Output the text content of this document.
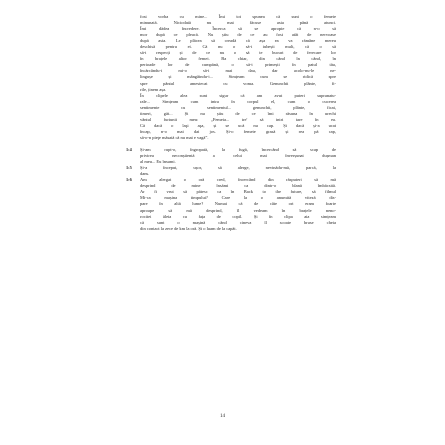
fost vorba cu mine... Îmi tot spunea că sunt o femeie
minunată. Niciodată nu mai făcuse asta până atunci.
Îmi dădea încredere. Încerca să se apropie că n-o să
mor după ce pleacă. Nu știu de ce au fost atât de nervoase
după asta. Le plăcea să creadă că așa ea va rămâne mereu
deschisă pentru ei. Că nu o să-i iubești mult, că o să
să-i respecți și de ce nu o să te bucuri de ferecare lor
în brațele altor femei. Ba chiar, din când în când, în
perioade lor de cumpănă, o să-i primești în patul tău,
încărcându-i mi-o să-i mai dau, dar acolo-nu-le ne-
lingușe și mângâindu-i... Simțeam cum se ridică spre
spre pântul amestecat cu voma. Genunchii plânte, fi-
rile, ținem așa.
În clipele alea sunt sigur că am avut puteri supranatu-
rale... Simțeam cum intra în corpul el, cum o cucerea
sentimente cu sentimentul... genunchii, plânte, ficat,
timeri, găt... Și nu știu de ce îmi răsuna în urechi
vântul furtunii meu: „Femeia... tre' să intri tare în ea.
Că dacă o laşi aşa, și se ucă nu cap. Și dacă și-a ucat
încap, n-o mai dai jos. Și-o femeie grasă și rea pă cap,
să-o-n pieţe măsată că nu mai e vagă”.
1:4	Și-am rupt-o, îngropată, la fugă, încercând să scap de
privirea neconștientă a celui mai înverșunat dușman
al meu... Eu însumi.
1:5	Și-a început, ușor, să alerge, nevinădu-mă, parcă, la
dans.
1:6	Am alergat o oră cred, încercând din răsputeri să mă
desprind de mine însămi ca dintr-o blană îmbăcsită.
Ar fi vrut să pătesc ca în Back to the future, să filmul
Mi-ca mașina timpului? Care la o anumită viteză dis-
pare în altă lume? Numai că de câte ori eram foarte
aproape să mă desprind, îl vedeam în brațele neno-
rocitei ăleia cu fața de copil. Și în clipa aia simțeam
că sunt o mașină când cineva îl scoate bruse cheia
din contact la zece de km la oră. Și o luam de la capăt.
14
